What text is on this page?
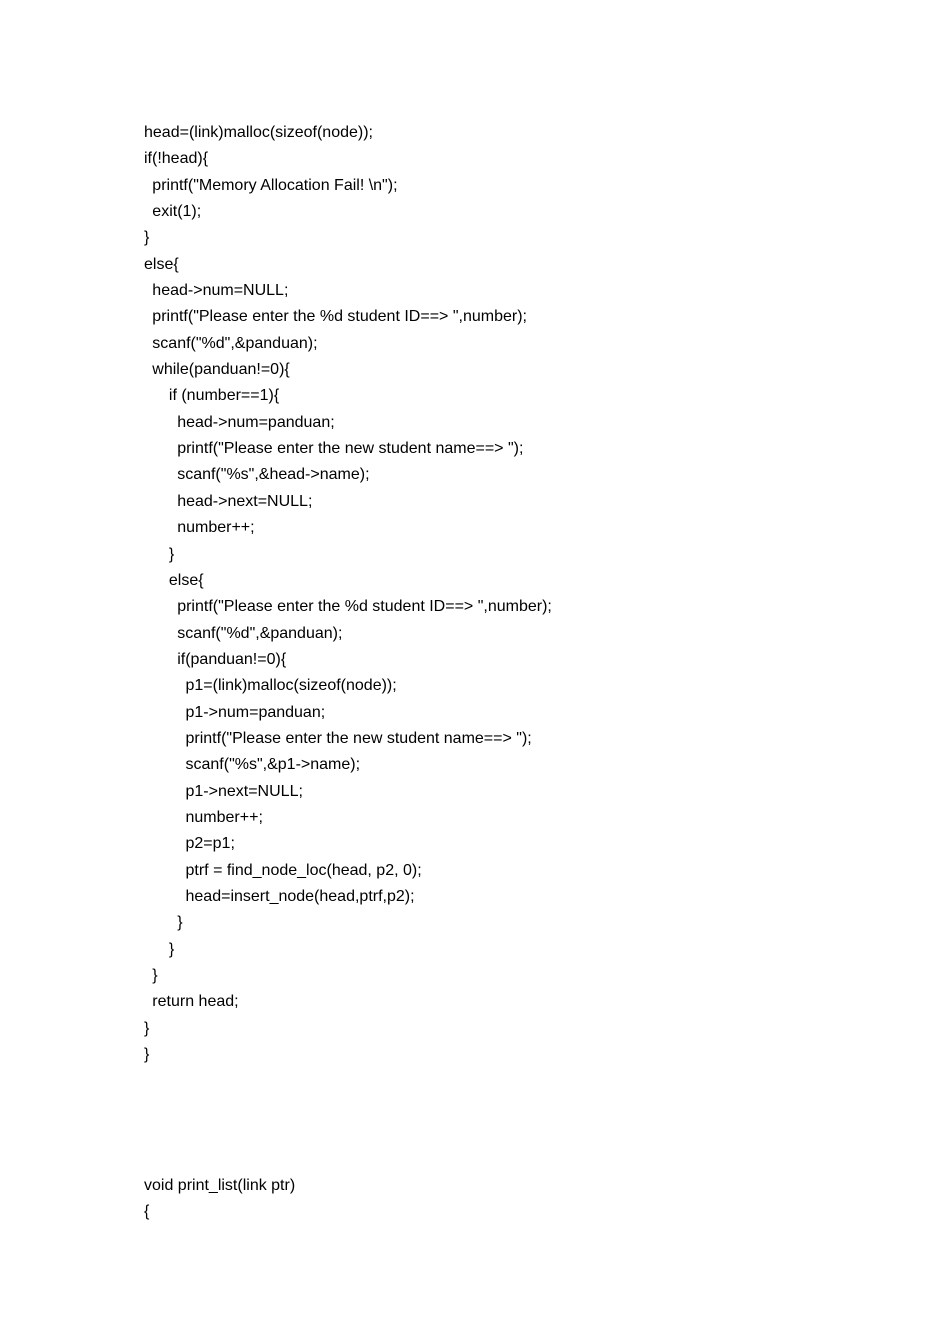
head=(link)malloc(sizeof(node));
if(!head){
printf("Memory Allocation Fail! \n");
exit(1);
}
else{
head->num=NULL;
printf("Please enter the %d student ID==> ",number);
scanf("%d",&panduan);
while(panduan!=0){
if (number==1){
head->num=panduan;
printf("Please enter the new student name==> ");
scanf("%s",&head->name);
head->next=NULL;
number++;
}
else{
printf("Please enter the %d student ID==> ",number);
scanf("%d",&panduan);
if(panduan!=0){
p1=(link)malloc(sizeof(node));
p1->num=panduan;
printf("Please enter the new student name==> ");
scanf("%s",&p1->name);
p1->next=NULL;
number++;
p2=p1;
ptrf = find_node_loc(head, p2, 0);
head=insert_node(head,ptrf,p2);
}
}
}
return head;
}
}
void print_list(link ptr)
{
